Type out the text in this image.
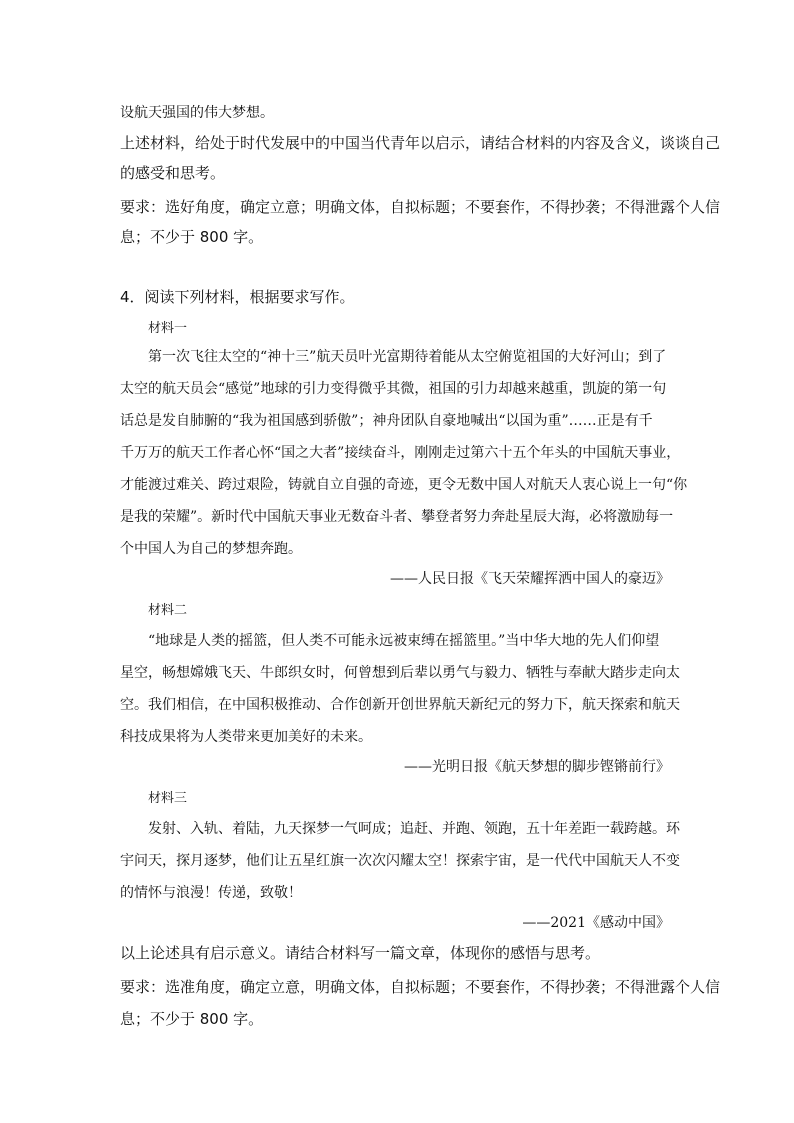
设航天强国的伟大梦想。
上述材料，给处于时代发展中的中国当代青年以启示，请结合材料的内容及含义，谈谈自己
的感受和思考。
要求：选好角度，确定立意；明确文体，自拟标题；不要套作，不得抄袭；不得泄露个人信
息；不少于 800 字。
4．阅读下列材料，根据要求写作。
材料一
第一次飞往太空的“神十三”航天员叶光富期待着能从太空俯览祖国的大好河山；到了
太空的航天员会“感觉”地球的引力变得微乎其微，祖国的引力却越来越重，凯旋的第一句
话总是发自肺腑的“我为祖国感到骄傲”；神舟团队自豪地喊出“以国为重”……正是有千
千万万的航天工作者心怀“国之大者”接续奋斗，刚刚走过第六十五个年头的中国航天事业，
才能渡过难关、跨过艰险，铸就自立自强的奇迹，更令无数中国人对航天人衷心说上一句“你
是我的荣耀”。新时代中国航天事业无数奋斗者、攀登者努力奔赴星辰大海，必将激励每一
个中国人为自己的梦想奔跑。
——人民日报《飞天荣耀挥洒中国人的豪迈》
材料二
“地球是人类的摇篮，但人类不可能永远被束缚在摇篮里。”当中华大地的先人们仰望
星空，畅想嫦娥飞天、牛郎织女时，何曾想到后辈以勇气与毅力、牺牲与奉献大踏步走向太
空。我们相信，在中国积极推动、合作创新开创世界航天新纪元的努力下，航天探索和航天
科技成果将为人类带来更加美好的未来。
——光明日报《航天梦想的脚步铿锵前行》
材料三
发射、入轨、着陆，九天探梦一气呵成；追赶、并跑、领跑，五十年差距一载跨越。环
宇问天，探月逐梦，他们让五星红旗一次次闪耀太空！探索宇宙，是一代代中国航天人不变
的情怀与浪漫！传递，致敬！
——2021《感动中国》
以上论述具有启示意义。请结合材料写一篇文章，体现你的感悟与思考。
要求：选准角度，确定立意，明确文体，自拟标题；不要套作，不得抄袭；不得泄露个人信
息；不少于 800 字。
